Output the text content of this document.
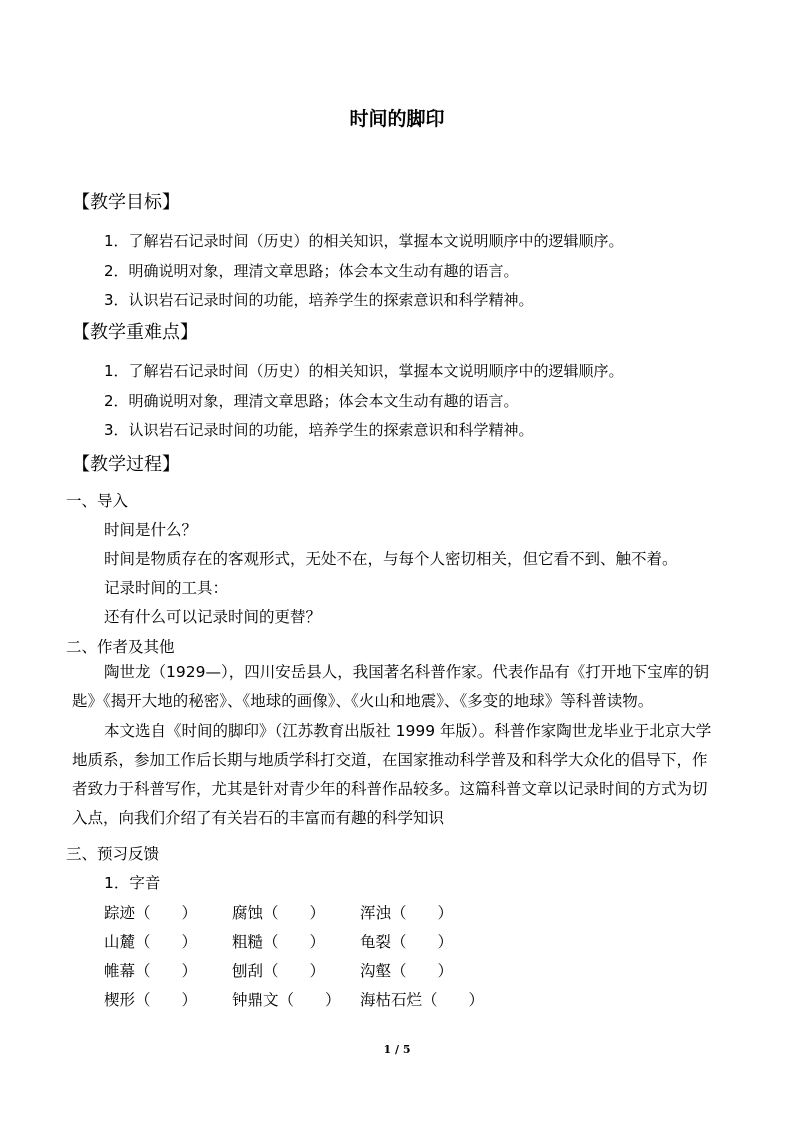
时间的脚印
【教学目标】
1．了解岩石记录时间（历史）的相关知识，掌握本文说明顺序中的逻辑顺序。
2．明确说明对象，理清文章思路；体会本文生动有趣的语言。
3．认识岩石记录时间的功能，培养学生的探索意识和科学精神。
【教学重难点】
1．了解岩石记录时间（历史）的相关知识，掌握本文说明顺序中的逻辑顺序。
2．明确说明对象，理清文章思路；体会本文生动有趣的语言。
3．认识岩石记录时间的功能，培养学生的探索意识和科学精神。
【教学过程】
一、导入
时间是什么？
时间是物质存在的客观形式，无处不在，与每个人密切相关，但它看不到、触不着。
记录时间的工具：
还有什么可以记录时间的更替？
二、作者及其他
陶世龙（1929—），四川安岳县人，我国著名科普作家。代表作品有《打开地下宝库的钥匙》《揭开大地的秘密》、《地球的画像》、《火山和地震》、《多变的地球》等科普读物。
本文选自《时间的脚印》（江苏教育出版社 1999 年版）。科普作家陶世龙毕业于北京大学地质系，参加工作后长期与地质学科打交道，在国家推动科学普及和科学大众化的倡导下，作者致力于科普写作，尤其是针对青少年的科普作品较多。这篇科普文章以记录时间的方式为切入点，向我们介绍了有关岩石的丰富而有趣的科学知识
三、预习反馈
1．字音
踪迹（　　） 腐蚀（　　） 浑浊（　　）
山麓（　　） 粗糙（　　） 龟裂（　　）
帷幕（　　） 刨刮（　　） 沟壑（　　）
楔形（　　） 钟鼎文（　　） 海枯石烂（　　）
1 / 5
